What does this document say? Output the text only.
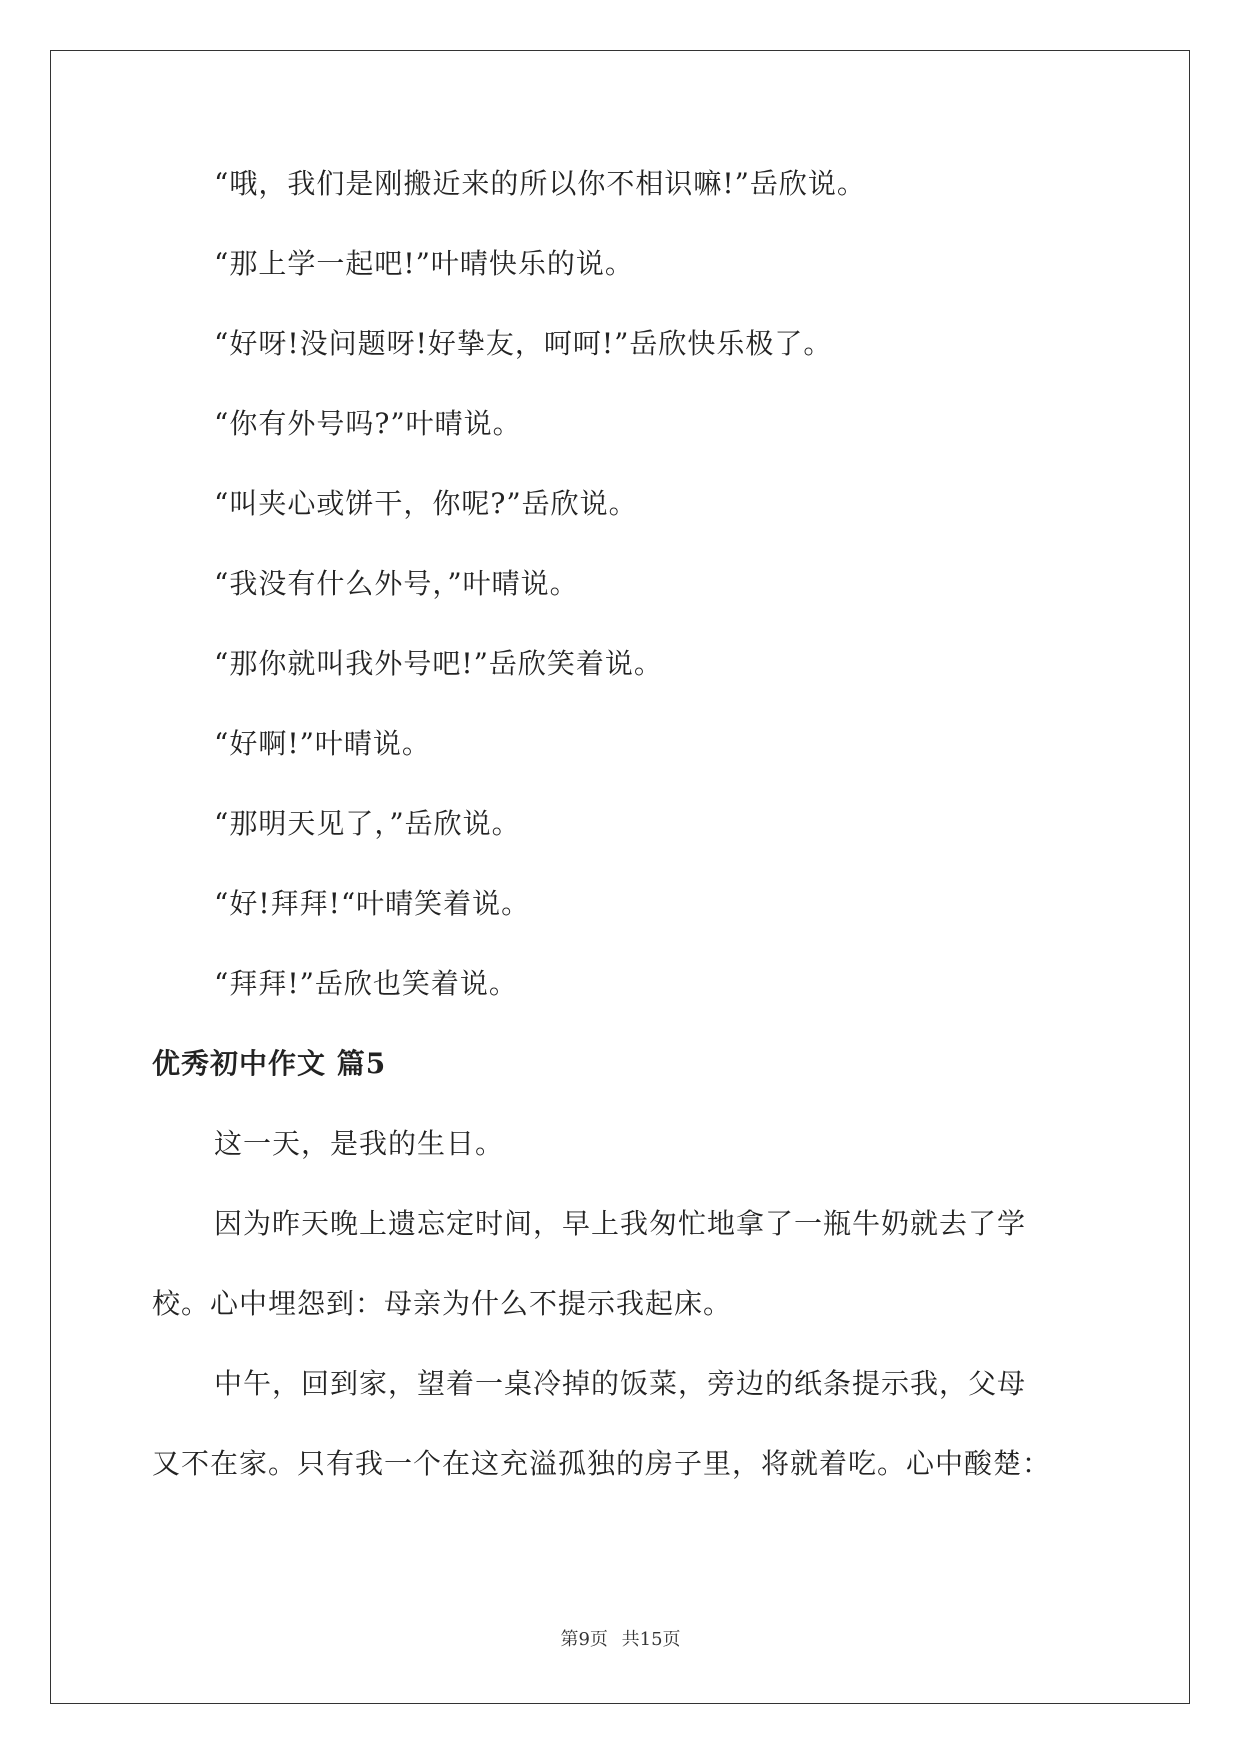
“哦，我们是刚搬近来的所以你不相识嘛!”岳欣说。

“那上学一起吧!”叶晴快乐的说。

“好呀!没问题呀!好挚友，呵呵!”岳欣快乐极了。

“你有外号吗?”叶晴说。

“叫夹心或饼干，你呢?”岳欣说。

“我没有什么外号，”叶晴说。

“那你就叫我外号吧!”岳欣笑着说。

“好啊!”叶晴说。

“那明天见了，”岳欣说。

“好!拜拜!“叶晴笑着说。

“拜拜!”岳欣也笑着说。

优秀初中作文 篇5

这一天，是我的生日。

因为昨天晚上遗忘定时间，早上我匆忙地拿了一瓶牛奶就去了学

校。心中埋怨到：母亲为什么不提示我起床。

中午，回到家，望着一桌冷掉的饭菜，旁边的纸条提示我，父母

又不在家。只有我一个在这充溢孤独的房子里，将就着吃。心中酸楚：

第9页 共15页
